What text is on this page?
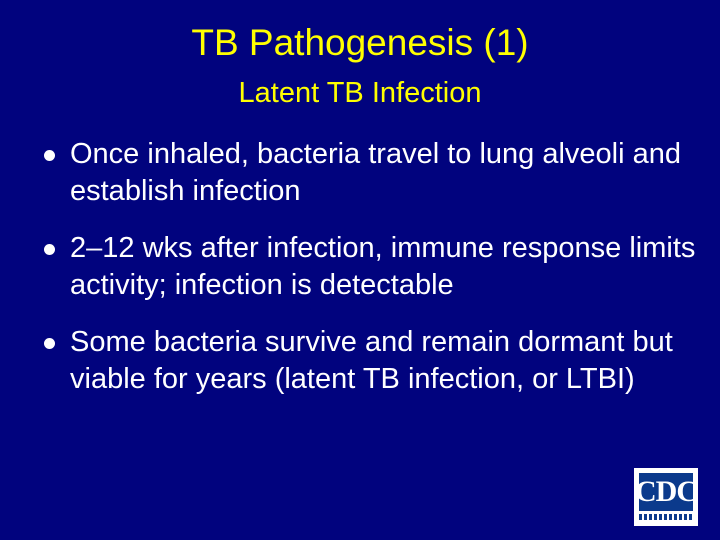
TB Pathogenesis (1)
Latent TB Infection
Once inhaled, bacteria travel to lung alveoli and establish infection
2–12 wks after infection, immune response limits activity; infection is detectable
Some bacteria survive and remain dormant but viable for years (latent TB infection, or LTBI)
CDC
